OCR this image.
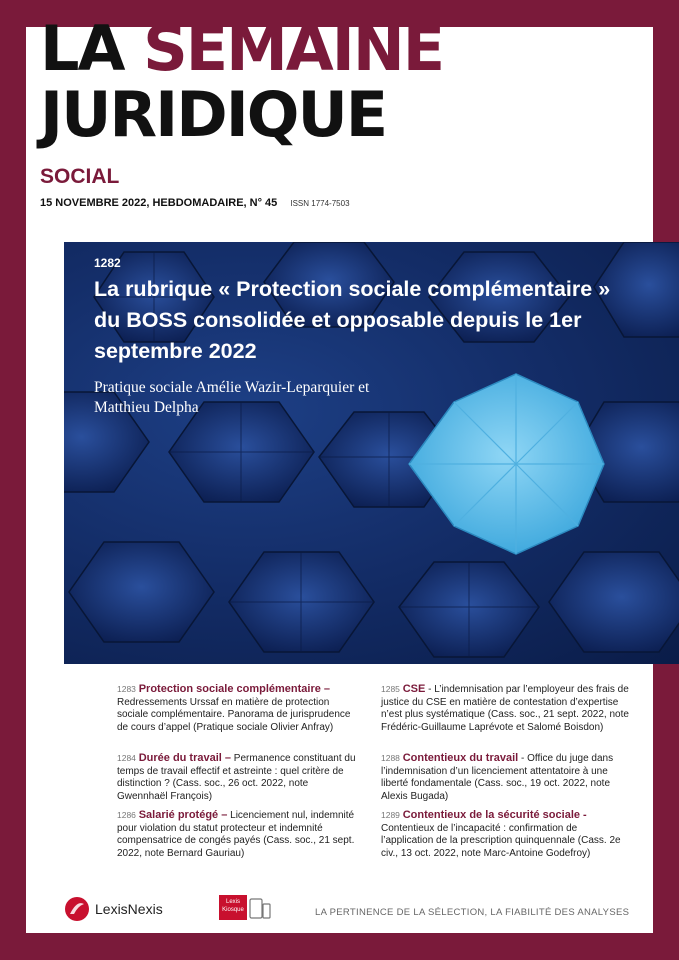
LA SEMAINE
JURIDIQUE
SOCIAL
15 NOVEMBRE 2022, HEBDOMADAIRE, N° 45 ISSN 1774-7503
1282
La rubrique « Protection sociale complémentaire » du BOSS consolidée et opposable depuis le 1er septembre 2022
Pratique sociale Amélie Wazir-Leparquier et Matthieu Delpha
1283 Protection sociale complémentaire – Redressements Urssaf en matière de protection sociale complémentaire. Panorama de jurisprudence de cours d’appel (Pratique sociale Olivier Anfray)
1284 Durée du travail – Permanence constituant du temps de travail effectif et astreinte : quel critère de distinction ? (Cass. soc., 26 oct. 2022, note Gwennhaël François)
1286 Salarié protégé – Licenciement nul, indemnité pour violation du statut protecteur et indemnité compensatrice de congés payés (Cass. soc., 21 sept. 2022, note Bernard Gauriau)
1285 CSE - L’indemnisation par l’employeur des frais de justice du CSE en matière de contestation d’expertise n’est plus systématique (Cass. soc., 21 sept. 2022, note Frédéric-Guillaume Laprévote et Salomé Boisdon)
1288 Contentieux du travail - Office du juge dans l’indemnisation d’un licenciement attentatoire à une liberté fondamentale (Cass. soc., 19 oct. 2022, note Alexis Bugada)
1289 Contentieux de la sécurité sociale - Contentieux de l’incapacité : confirmation de l’application de la prescription quinquennale (Cass. 2e civ., 13 oct. 2022, note Marc-Antoine Godefroy)
LexisNexis	Lexis
Kiosque	LA PERTINENCE DE LA SÉLECTION, LA FIABILITÉ DES ANALYSES
